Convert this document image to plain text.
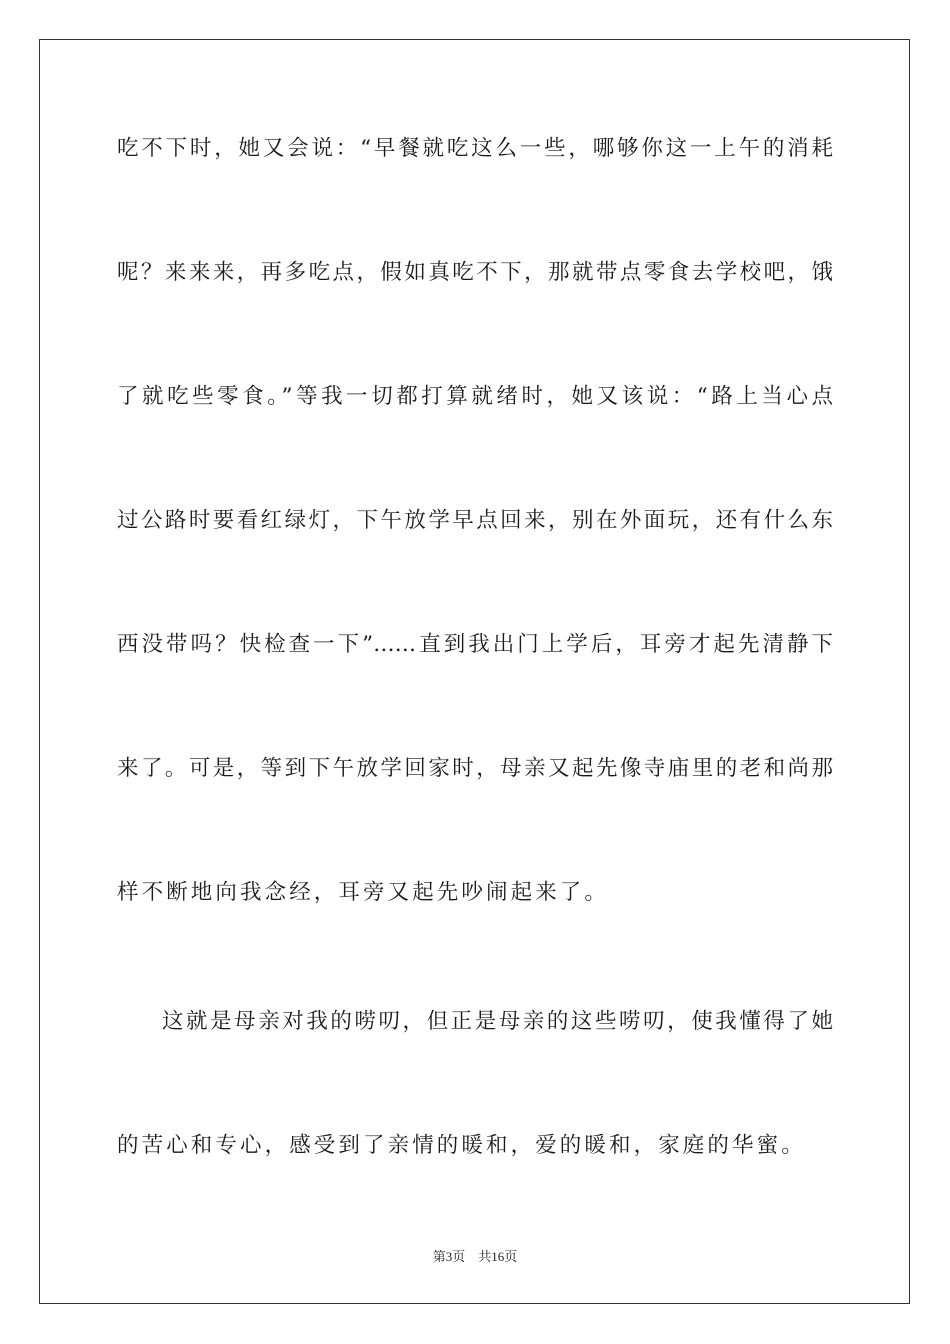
吃不下时，她又会说：“早餐就吃这么一些，哪够你这一上午的消耗
呢？来来来，再多吃点，假如真吃不下，那就带点零食去学校吧，饿
了就吃些零食。”等我一切都打算就绪时，她又该说：“路上当心点
过公路时要看红绿灯，下午放学早点回来，别在外面玩，还有什么东
西没带吗？快检查一下”……直到我出门上学后，耳旁才起先清静下
来了。可是，等到下午放学回家时，母亲又起先像寺庙里的老和尚那
样不断地向我念经，耳旁又起先吵闹起来了。
这就是母亲对我的唠叨，但正是母亲的这些唠叨，使我懂得了她
的苦心和专心，感受到了亲情的暖和，爱的暖和，家庭的华蜜。
第3页　共16页
